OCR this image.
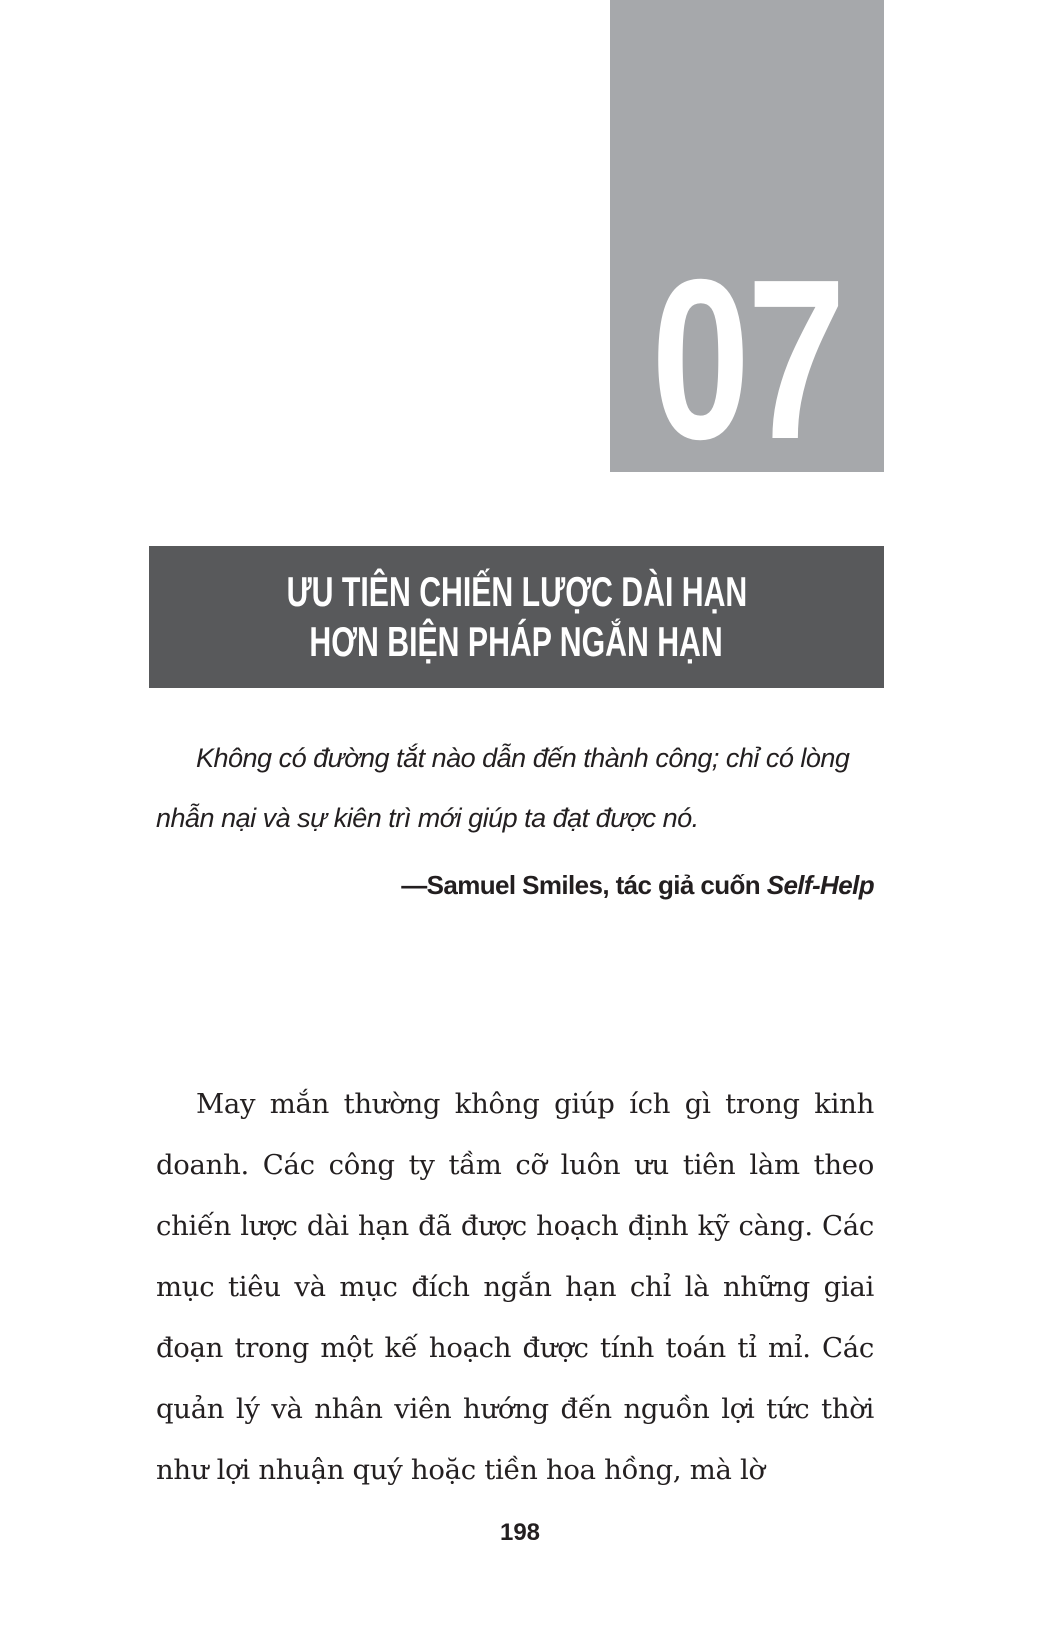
07
ƯU TIÊN CHIẾN LƯỢC DÀI HẠN
HƠN BIỆN PHÁP NGẮN HẠN
Không có đường tắt nào dẫn đến thành công; chỉ có lòng nhẫn nại và sự kiên trì mới giúp ta đạt được nó.
—Samuel Smiles, tác giả cuốn Self-Help
May mắn thường không giúp ích gì trong kinh doanh. Các công ty tầm cỡ luôn ưu tiên làm theo chiến lược dài hạn đã được hoạch định kỹ càng. Các mục tiêu và mục đích ngắn hạn chỉ là những giai đoạn trong một kế hoạch được tính toán tỉ mỉ. Các quản lý và nhân viên hướng đến nguồn lợi tức thời như lợi nhuận quý hoặc tiền hoa hồng, mà lờ
198
